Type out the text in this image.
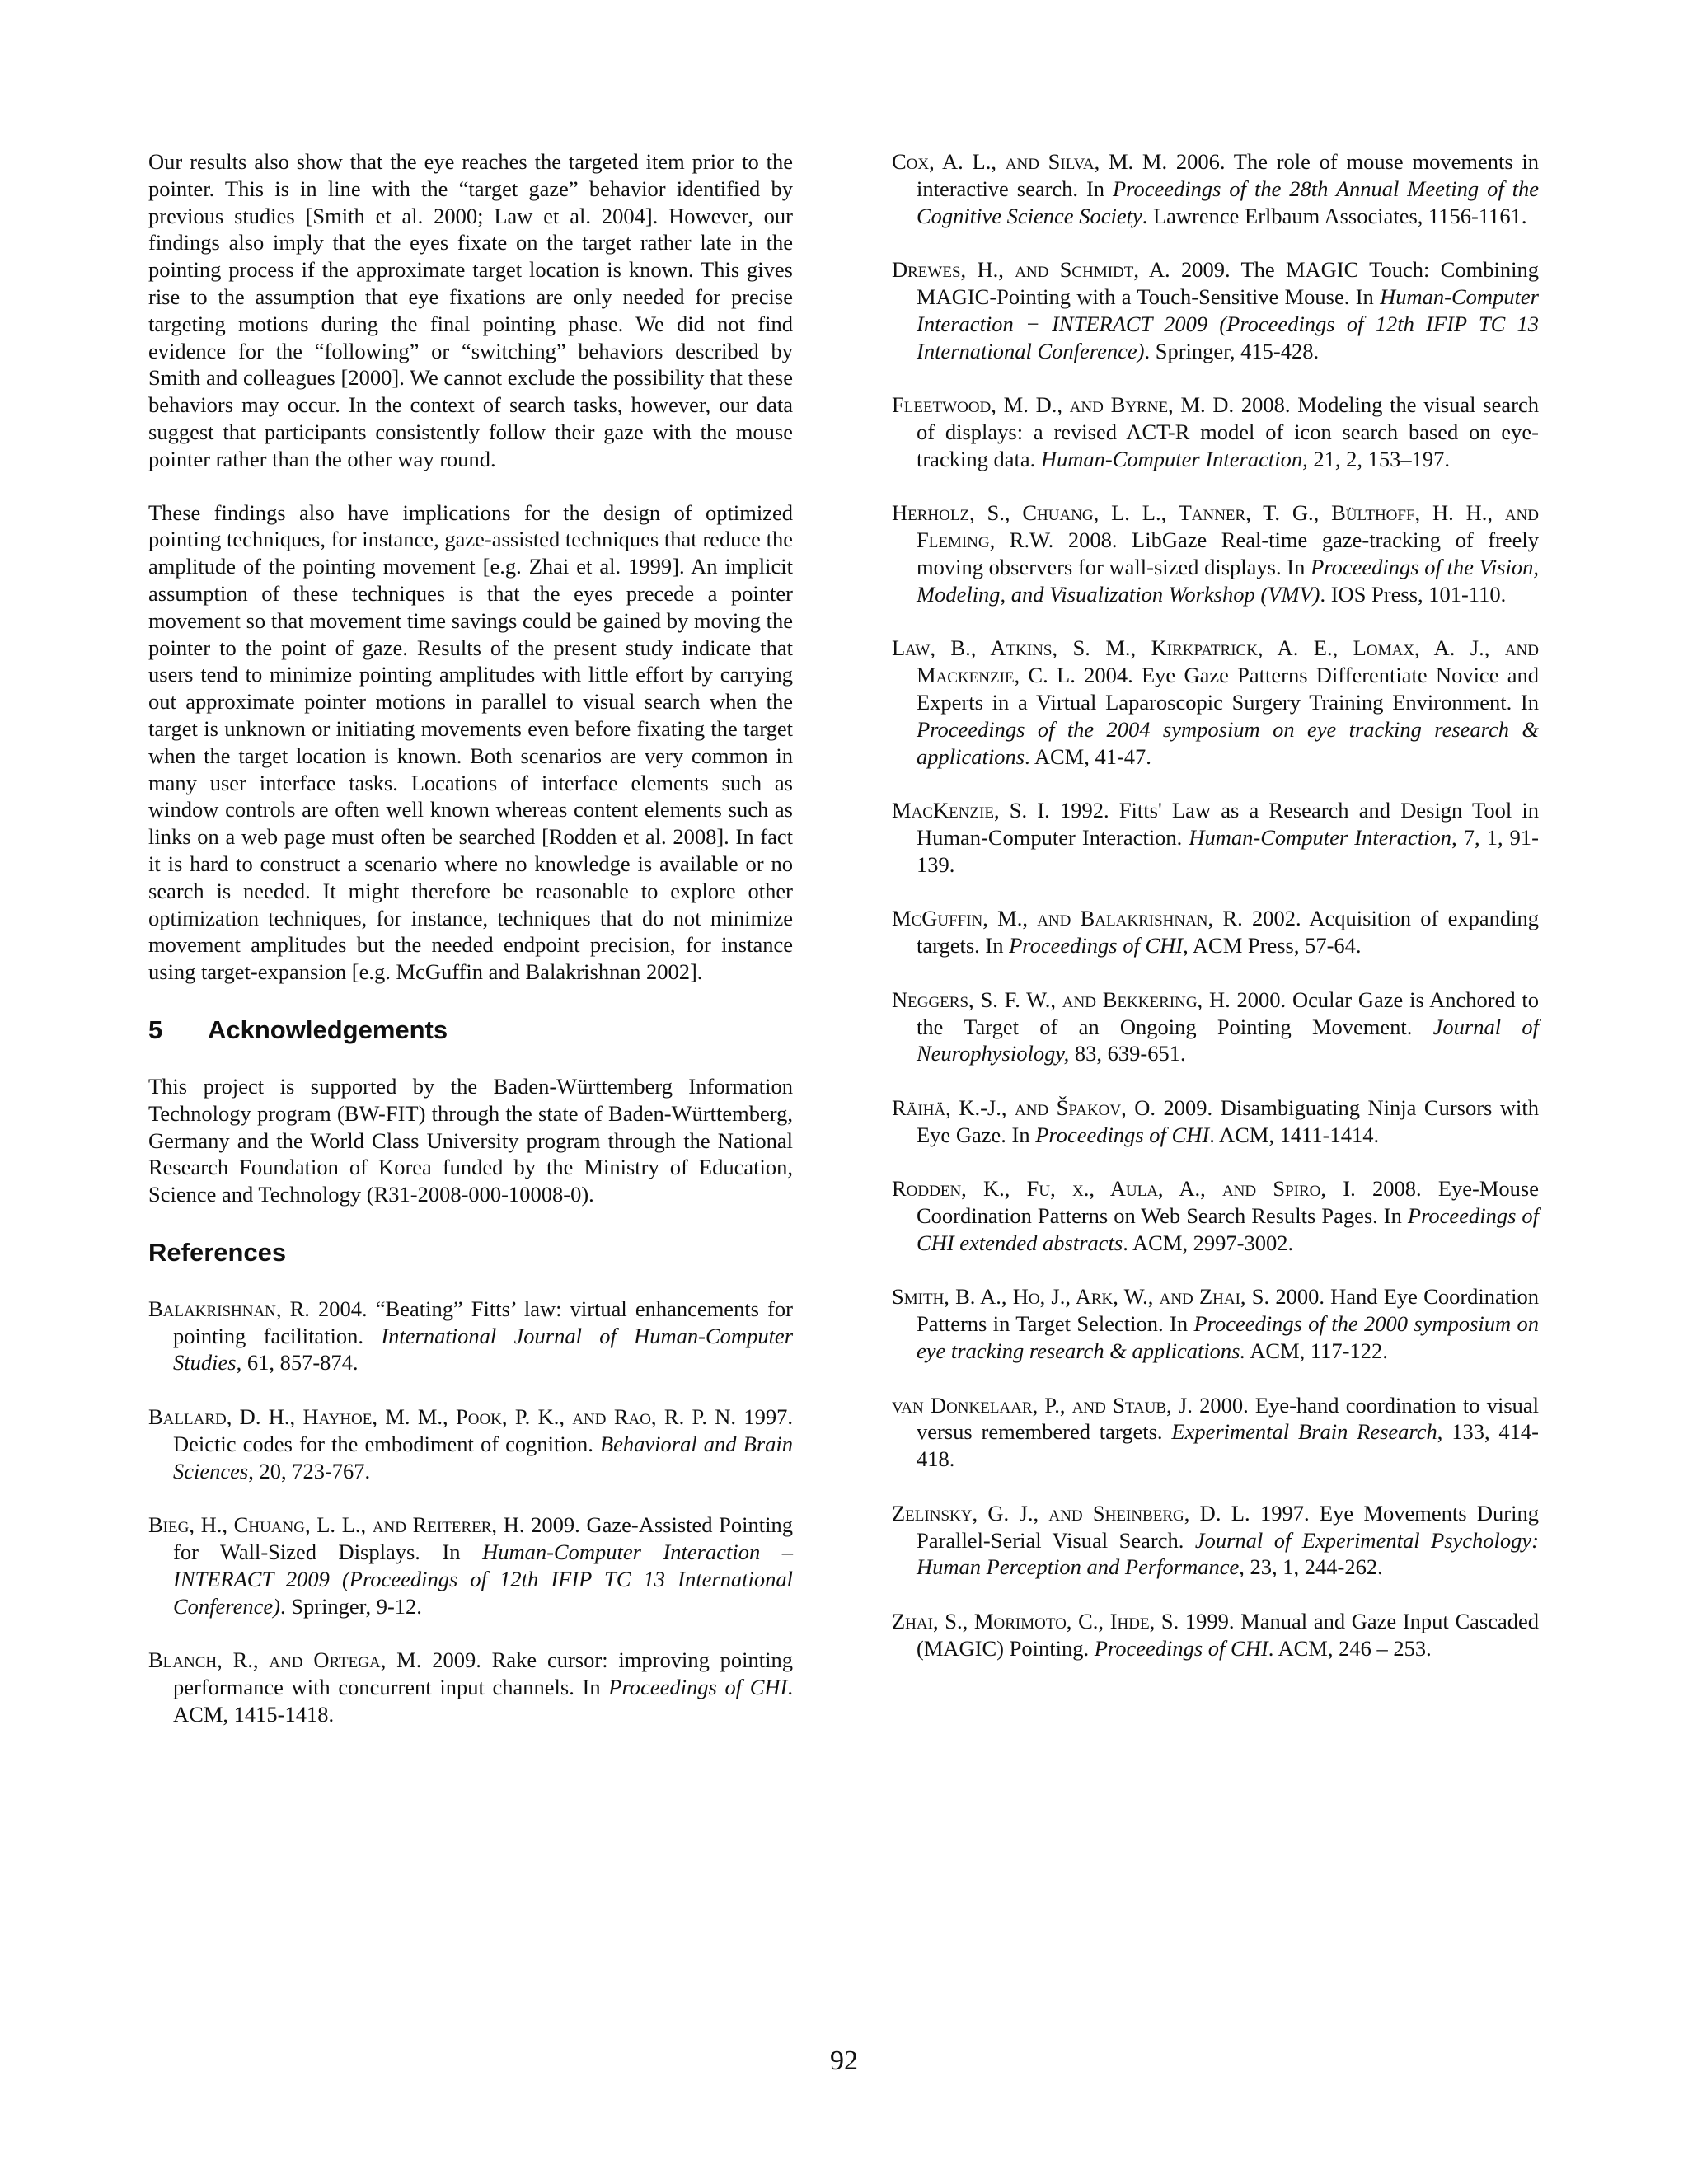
Our results also show that the eye reaches the targeted item prior to the pointer. This is in line with the “target gaze” behavior identified by previous studies [Smith et al. 2000; Law et al. 2004]. However, our findings also imply that the eyes fixate on the target rather late in the pointing process if the approximate target location is known. This gives rise to the assumption that eye fixations are only needed for precise targeting motions during the final pointing phase. We did not find evidence for the “following” or “switching” behaviors described by Smith and colleagues [2000]. We cannot exclude the possibility that these behaviors may occur. In the context of search tasks, however, our data suggest that participants consistently follow their gaze with the mouse pointer rather than the other way round.

These findings also have implications for the design of optimized pointing techniques, for instance, gaze-assisted techniques that reduce the amplitude of the pointing movement [e.g. Zhai et al. 1999]. An implicit assumption of these techniques is that the eyes precede a pointer movement so that movement time savings could be gained by moving the pointer to the point of gaze. Results of the present study indicate that users tend to minimize pointing amplitudes with little effort by carrying out approximate pointer motions in parallel to visual search when the target is unknown or initiating movements even before fixating the target when the target location is known. Both scenarios are very common in many user interface tasks. Locations of interface elements such as window controls are often well known whereas content elements such as links on a web page must often be searched [Rodden et al. 2008]. In fact it is hard to construct a scenario where no knowledge is available or no search is needed. It might therefore be reasonable to explore other optimization techniques, for instance, techniques that do not minimize movement amplitudes but the needed endpoint precision, for instance using target-expansion [e.g. McGuffin and Balakrishnan 2002].

5 Acknowledgements

This project is supported by the Baden-Württemberg Information Technology program (BW-FIT) through the state of Baden-Württemberg, Germany and the World Class University program through the National Research Foundation of Korea funded by the Ministry of Education, Science and Technology (R31-2008-000-10008-0).

References

Balakrishnan, R. 2004. “Beating” Fitts’ law: virtual enhancements for pointing facilitation. International Journal of Human-Computer Studies, 61, 857-874.

Ballard, D. H., Hayhoe, M. M., Pook, P. K., and Rao, R. P. N. 1997. Deictic codes for the embodiment of cognition. Behavioral and Brain Sciences, 20, 723-767.

Bieg, H., Chuang, L. L., and Reiterer, H. 2009. Gaze-Assisted Pointing for Wall-Sized Displays. In Human-Computer Interaction – INTERACT 2009 (Proceedings of 12th IFIP TC 13 International Conference). Springer, 9-12.

Blanch, R., and Ortega, M. 2009. Rake cursor: improving pointing performance with concurrent input channels. In Proceedings of CHI. ACM, 1415-1418.

Cox, A. L., and Silva, M. M. 2006. The role of mouse movements in interactive search. In Proceedings of the 28th Annual Meeting of the Cognitive Science Society. Lawrence Erlbaum Associates, 1156-1161.

Drewes, H., and Schmidt, A. 2009. The MAGIC Touch: Combining MAGIC-Pointing with a Touch-Sensitive Mouse. In Human-Computer Interaction − INTERACT 2009 (Proceedings of 12th IFIP TC 13 International Conference). Springer, 415-428.

Fleetwood, M. D., and Byrne, M. D. 2008. Modeling the visual search of displays: a revised ACT-R model of icon search based on eye-tracking data. Human-Computer Interaction, 21, 2, 153–197.

Herholz, S., Chuang, L. L., Tanner, T. G., Bülthoff, H. H., and Fleming, R.W. 2008. LibGaze Real-time gaze-tracking of freely moving observers for wall-sized displays. In Proceedings of the Vision, Modeling, and Visualization Workshop (VMV). IOS Press, 101-110.

Law, B., Atkins, S. M., Kirkpatrick, A. E., Lomax, A. J., and Mackenzie, C. L. 2004. Eye Gaze Patterns Differentiate Novice and Experts in a Virtual Laparoscopic Surgery Training Environment. In Proceedings of the 2004 symposium on eye tracking research & applications. ACM, 41-47.

MacKenzie, S. I. 1992. Fitts' Law as a Research and Design Tool in Human-Computer Interaction. Human-Computer Interaction, 7, 1, 91-139.

McGuffin, M., and Balakrishnan, R. 2002. Acquisition of expanding targets. In Proceedings of CHI, ACM Press, 57-64.

Neggers, S. F. W., and Bekkering, H. 2000. Ocular Gaze is Anchored to the Target of an Ongoing Pointing Movement. Journal of Neurophysiology, 83, 639-651.

Räihä, K.-J., and Špakov, O. 2009. Disambiguating Ninja Cursors with Eye Gaze. In Proceedings of CHI. ACM, 1411-1414.

Rodden, K., Fu, x., Aula, A., and Spiro, I. 2008. Eye-Mouse Coordination Patterns on Web Search Results Pages. In Proceedings of CHI extended abstracts. ACM, 2997-3002.

Smith, B. A., Ho, J., Ark, W., and Zhai, S. 2000. Hand Eye Coordination Patterns in Target Selection. In Proceedings of the 2000 symposium on eye tracking research & applications. ACM, 117-122.

van Donkelaar, P., and Staub, J. 2000. Eye-hand coordination to visual versus remembered targets. Experimental Brain Research, 133, 414-418.

Zelinsky, G. J., and Sheinberg, D. L. 1997. Eye Movements During Parallel-Serial Visual Search. Journal of Experimental Psychology: Human Perception and Performance, 23, 1, 244-262.

Zhai, S., Morimoto, C., Ihde, S. 1999. Manual and Gaze Input Cascaded (MAGIC) Pointing. Proceedings of CHI. ACM, 246 – 253.

92
